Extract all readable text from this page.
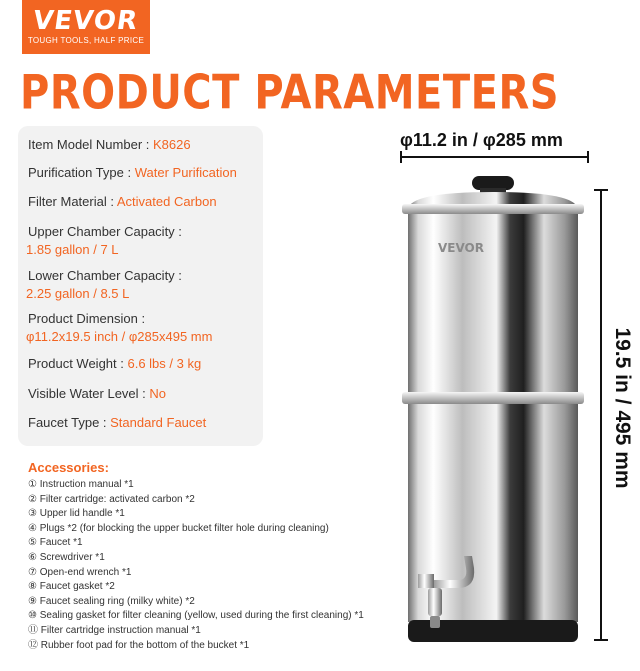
VEVOR
TOUGH TOOLS, HALF PRICE
PRODUCT PARAMETERS
Item Model Number : K8626
Purification Type : Water Purification
Filter Material : Activated Carbon
Upper Chamber Capacity :
1.85 gallon / 7 L
Lower Chamber Capacity :
2.25 gallon / 8.5 L
Product Dimension :
φ11.2x19.5 inch / φ285x495 mm
Product Weight : 6.6 lbs / 3 kg
Visible Water Level : No
Faucet Type : Standard Faucet
Accessories:
① Instruction manual *1
② Filter cartridge: activated carbon *2
③ Upper lid handle *1
④ Plugs *2 (for blocking the upper bucket filter hole during cleaning)
⑤ Faucet *1
⑥ Screwdriver *1
⑦ Open-end wrench *1
⑧ Faucet gasket *2
⑨ Faucet sealing ring (milky white) *2
⑩ Sealing gasket for filter cleaning (yellow, used during the first cleaning) *1
⑪ Filter cartridge instruction manual *1
⑫ Rubber foot pad for the bottom of the bucket *1
φ11.2 in / φ285 mm
19.5 in / 495 mm
VEVOR
